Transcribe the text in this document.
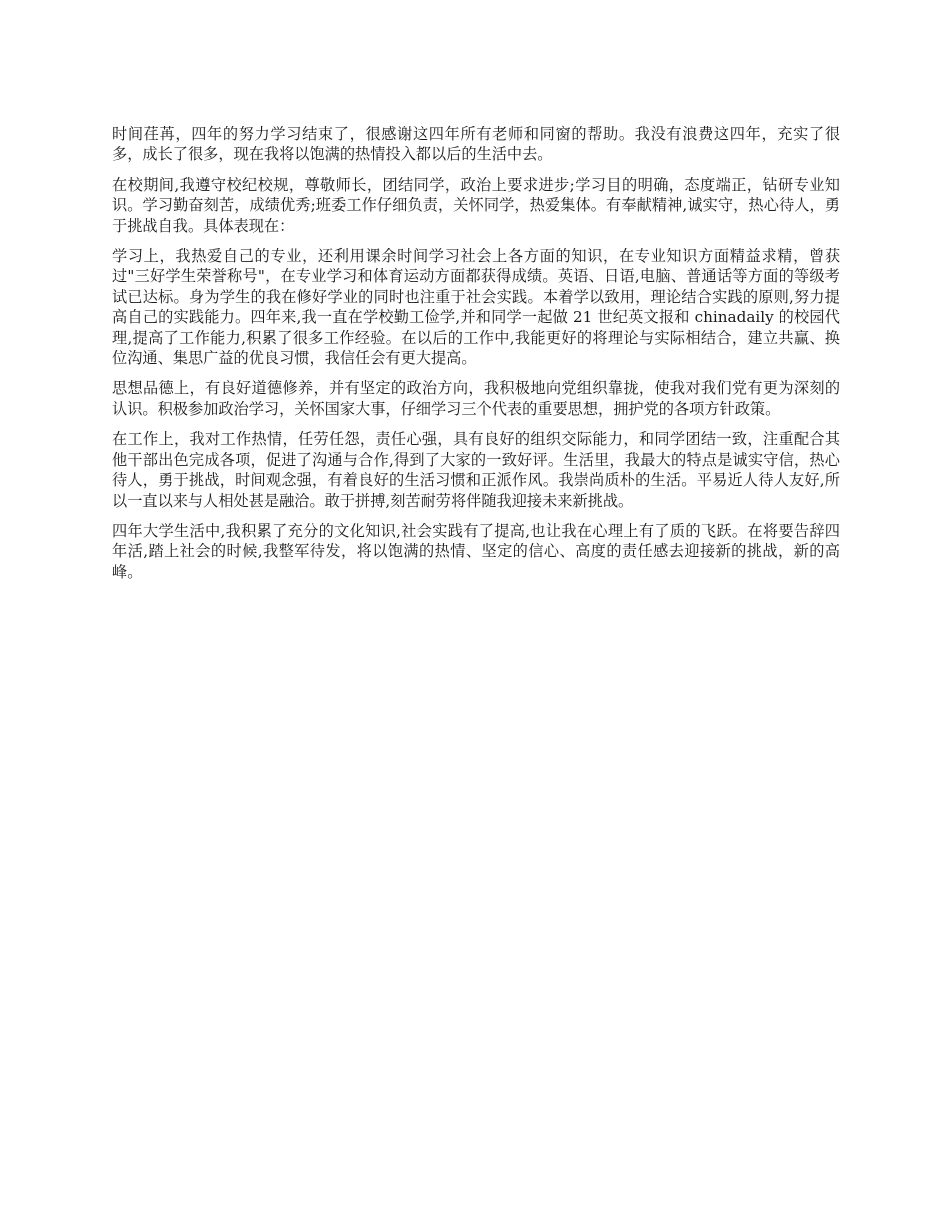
时间荏苒，四年的努力学习结束了，很感谢这四年所有老师和同窗的帮助。我没有浪费这四年，充实了很多，成长了很多，现在我将以饱满的热情投入都以后的生活中去。

在校期间,我遵守校纪校规，尊敬师长，团结同学，政治上要求进步;学习目的明确，态度端正，钻研专业知识。学习勤奋刻苦，成绩优秀;班委工作仔细负责，关怀同学，热爱集体。有奉献精神,诚实守，热心待人，勇于挑战自我。具体表现在：

学习上，我热爱自己的专业，还利用课余时间学习社会上各方面的知识，在专业知识方面精益求精，曾获过"三好学生荣誉称号"，在专业学习和体育运动方面都获得成绩。英语、日语,电脑、普通话等方面的等级考试已达标。身为学生的我在修好学业的同时也注重于社会实践。本着学以致用，理论结合实践的原则,努力提高自己的实践能力。四年来,我一直在学校勤工俭学,并和同学一起做 21 世纪英文报和 chinadaily 的校园代理,提高了工作能力,积累了很多工作经验。在以后的工作中,我能更好的将理论与实际相结合，建立共赢、换位沟通、集思广益的优良习惯，我信任会有更大提高。

思想品德上，有良好道德修养，并有坚定的政治方向，我积极地向党组织靠拢，使我对我们党有更为深刻的认识。积极参加政治学习，关怀国家大事，仔细学习三个代表的重要思想，拥护党的各项方针政策。

在工作上，我对工作热情，任劳任怨，责任心强，具有良好的组织交际能力，和同学团结一致，注重配合其他干部出色完成各项，促进了沟通与合作,得到了大家的一致好评。生活里，我最大的特点是诚实守信，热心待人，勇于挑战，时间观念强，有着良好的生活习惯和正派作风。我崇尚质朴的生活。平易近人待人友好,所以一直以来与人相处甚是融洽。敢于拼搏,刻苦耐劳将伴随我迎接未来新挑战。

四年大学生活中,我积累了充分的文化知识,社会实践有了提高,也让我在心理上有了质的飞跃。在将要告辞四年活,踏上社会的时候,我整军待发，将以饱满的热情、坚定的信心、高度的责任感去迎接新的挑战，新的高峰。
